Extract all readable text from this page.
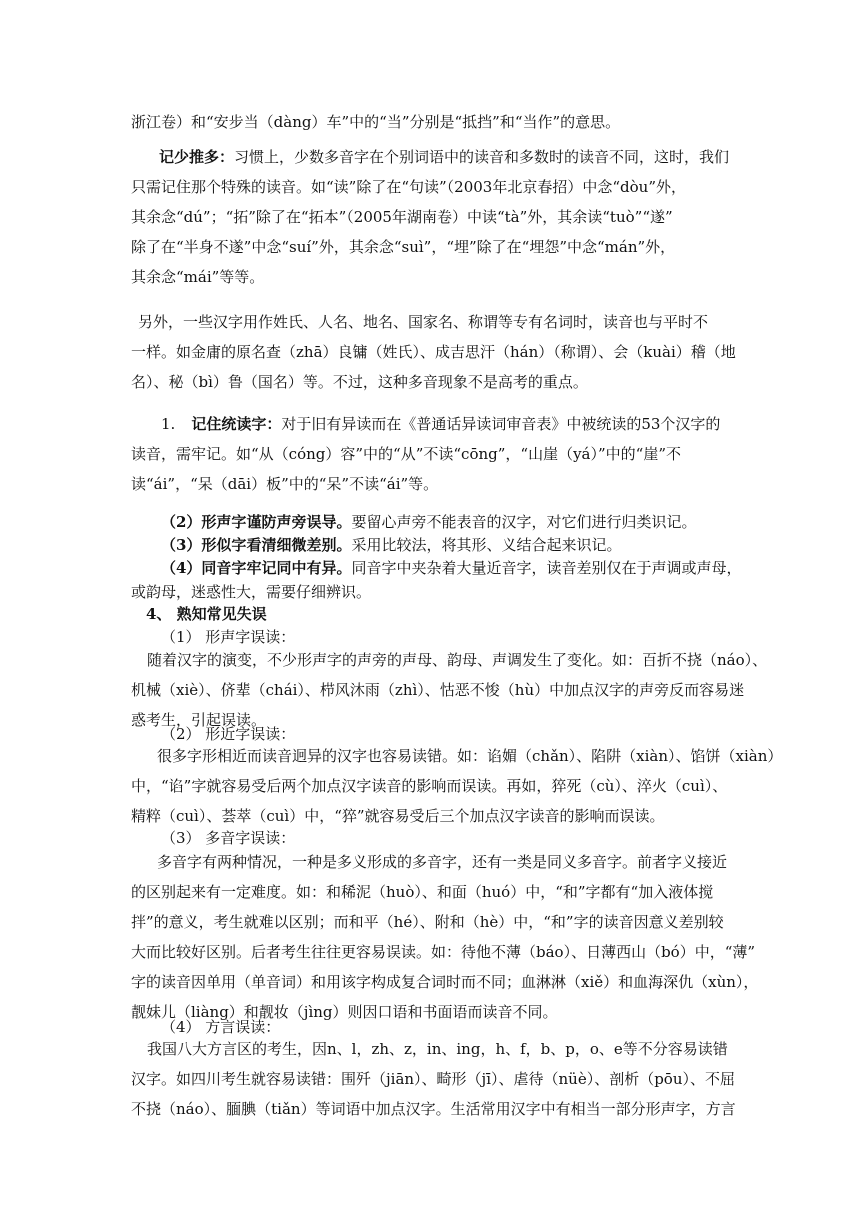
浙江卷）和“安步当（dàng）车”中的“当”分别是“抵挡”和“当作”的意思。
记少推多：习惯上，少数多音字在个别词语中的读音和多数时的读音不同，这时，我们
只需记住那个特殊的读音。如“读”除了在“句读”（2003年北京春招）中念“dòu”外，
其余念“dú”；“拓”除了在“拓本”（2005年湖南卷）中读“tà”外，其余读“tuò”“遂”
除了在“半身不遂”中念“suí”外，其余念“suì”，“埋”除了在“埋怨”中念“mán”外，
其余念“mái”等等。
另外，一些汉字用作姓氏、人名、地名、国家名、称谓等专有名词时，读音也与平时不
一样。如金庸的原名查（zhā）良镛（姓氏）、成吉思汗（hán）（称谓）、会（kuài）稽（地
名）、秘（bì）鲁（国名）等。不过，这种多音现象不是高考的重点。
1. 记住统读字：对于旧有异读而在《普通话异读词审音表》中被统读的53个汉字的
读音，需牢记。如“从（cóng）容”中的“从”不读“cōng”，“山崖（yá）”中的“崖”不
读“ái”，“呆（dāi）板”中的“呆”不读“ái”等。
（2）形声字谨防声旁误导。要留心声旁不能表音的汉字，对它们进行归类识记。
（3）形似字看清细微差别。采用比较法，将其形、义结合起来识记。
（4）同音字牢记同中有异。同音字中夹杂着大量近音字，读音差别仅在于声调或声母，
或韵母，迷惑性大，需要仔细辨识。
4、 熟知常见失误
（1） 形声字误读：
随着汉字的演变，不少形声字的声旁的声母、韵母、声调发生了变化。如：百折不挠（náo）、
机械（xiè）、侪辈（chái）、栉风沐雨（zhì）、怙恶不悛（hù）中加点汉字的声旁反而容易迷
惑考生，引起误读。
（2） 形近字误读：
很多字形相近而读音迥异的汉字也容易读错。如：谄媚（chǎn）、陷阱（xiàn）、馅饼（xiàn）
中，“谄”字就容易受后两个加点汉字读音的影响而误读。再如，猝死（cù）、淬火（cuì）、
精粹（cuì）、荟萃（cuì）中，“猝”就容易受后三个加点汉字读音的影响而误读。
（3） 多音字误读：
多音字有两种情况，一种是多义形成的多音字，还有一类是同义多音字。前者字义接近
的区别起来有一定难度。如：和稀泥（huò）、和面（huó）中，“和”字都有“加入液体搅
拌”的意义，考生就难以区别；而和平（hé）、附和（hè）中，“和”字的读音因意义差别较
大而比较好区别。后者考生往往更容易误读。如：待他不薄（báo）、日薄西山（bó）中，“薄”
字的读音因单用（单音词）和用该字构成复合词时而不同；血淋淋（xiě）和血海深仇（xùn），
靓妹儿（liàng）和靓妆（jìng）则因口语和书面语而读音不同。
（4） 方言误读：
我国八大方言区的考生，因n、l，zh、z，in、ing，h、f，b、p，o、e等不分容易读错
汉字。如四川考生就容易读错：围歼（jiān）、畸形（jī）、虐待（nüè）、剖析（pōu）、不屈
不挠（náo）、腼腆（tiǎn）等词语中加点汉字。生活常用汉字中有相当一部分形声字，方言
